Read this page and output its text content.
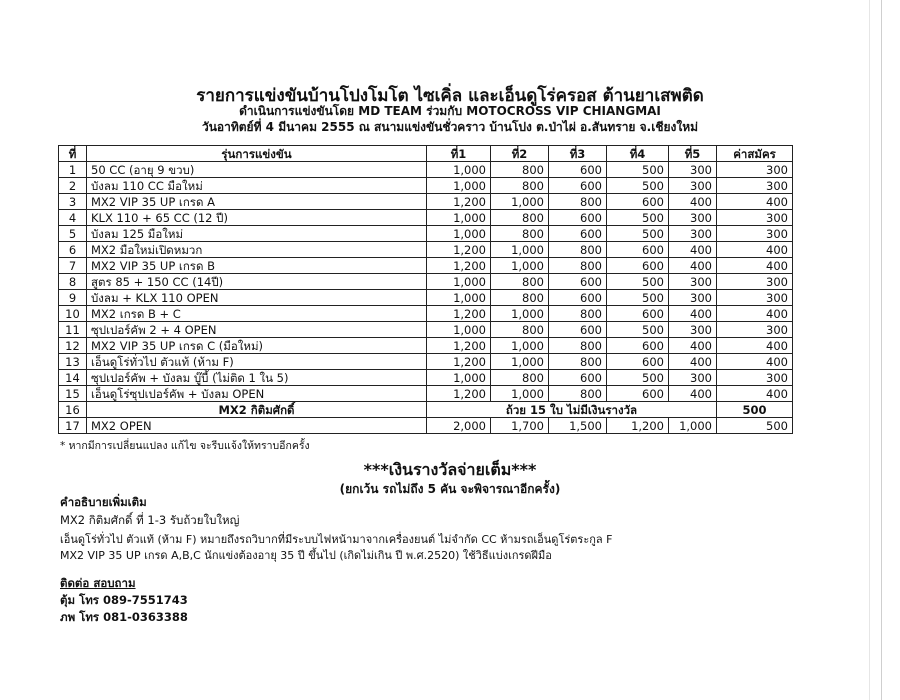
รายการแข่งขันบ้านโปงโมโต ไซเคิ่ล และเอ็นดูโร่ครอส ต้านยาเสพติด
ดำเนินการแข่งขันโดย MD TEAM ร่วมกับ MOTOCROSS VIP CHIANGMAI
วันอาทิตย์ที่ 4 มีนาคม 2555 ณ สนามแข่งขันชั่วคราว บ้านโปง ต.ป่าไผ่ อ.สันทราย จ.เชียงใหม่
ที่	รุ่นการแข่งขัน	ที่1	ที่2	ที่3	ที่4	ที่5	ค่าสมัคร
1	50 CC (อายุ 9 ขวบ)	1,000	800	600	500	300	300
2	บังลม 110 CC มือใหม่	1,000	800	600	500	300	300
3	MX2 VIP 35 UP เกรด A	1,200	1,000	800	600	400	400
4	KLX 110 + 65 CC (12 ปี)	1,000	800	600	500	300	300
5	บังลม 125 มือใหม่	1,000	800	600	500	300	300
6	MX2 มือใหม่เปิดหมวก	1,200	1,000	800	600	400	400
7	MX2 VIP 35 UP เกรด B	1,200	1,000	800	600	400	400
8	สูตร 85 + 150 CC (14ปี)	1,000	800	600	500	300	300
9	บังลม + KLX 110 OPEN	1,000	800	600	500	300	300
10	MX2 เกรด B + C	1,200	1,000	800	600	400	400
11	ซุปเปอร์คัพ 2 + 4 OPEN	1,000	800	600	500	300	300
12	MX2 VIP 35 UP เกรด C (มือใหม่)	1,200	1,000	800	600	400	400
13	เอ็นดูโร่ทั่วไป ตัวแท้ (ห้าม F)	1,200	1,000	800	600	400	400
14	ซุปเปอร์คัพ + บังลม บู๊บี้ (ไม่ติด 1 ใน 5)	1,000	800	600	500	300	300
15	เอ็นดูโร่ซุปเปอร์คัพ + บังลม OPEN	1,200	1,000	800	600	400	400
16	MX2 กิติมศักดิ์	ถ้วย 15 ใบ ไม่มีเงินรางวัล					500
17	MX2 OPEN	2,000	1,700	1,500	1,200	1,000	500
* หากมีการเปลี่ยนแปลง แก้ไข จะรีบแจ้งให้ทราบอีกครั้ง
***เงินรางวัลจ่ายเต็ม***
(ยกเว้น รถไม่ถึง 5 คัน จะพิจารณาอีกครั้ง)
คำอธิบายเพิ่มเติม
MX2 กิติมศักดิ์ ที่ 1-3 รับถ้วยใบใหญ่
เอ็นดูโร่ทั่วไป ตัวแท้ (ห้าม F) หมายถึงรถวิบากที่มีระบบไฟหน้ามาจากเครื่องยนต์ ไม่จำกัด CC ห้ามรถเอ็นดูโร่ตระกูล F
MX2 VIP 35 UP เกรด A,B,C นักแข่งต้องอายุ 35 ปี ขึ้นไป (เกิดไม่เกิน ปี พ.ศ.2520) ใช้วิธีแบ่งเกรดฝีมือ
ติดต่อ สอบถาม
ตุ้ม โทร 089-7551743
ภพ โทร 081-0363388
